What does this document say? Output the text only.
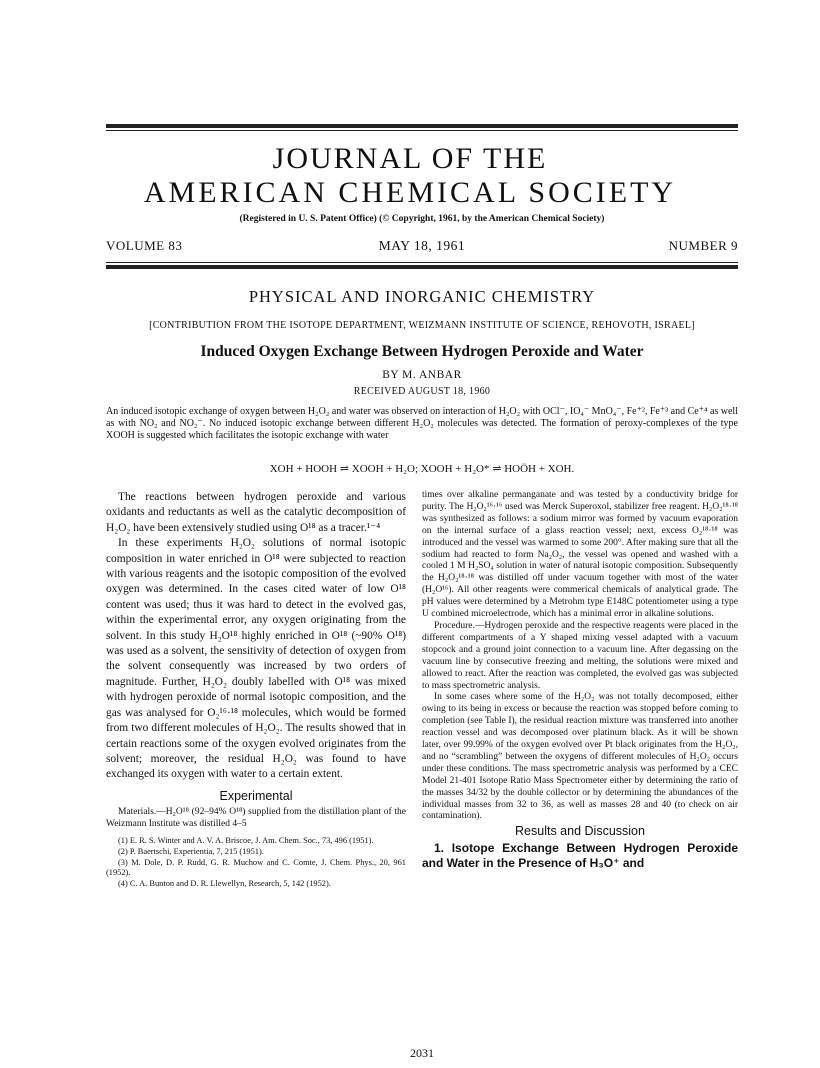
JOURNAL OF THE
AMERICAN CHEMICAL SOCIETY
(Registered in U. S. Patent Office) (© Copyright, 1961, by the American Chemical Society)
VOLUME 83	MAY 18, 1961	NUMBER 9
PHYSICAL AND INORGANIC CHEMISTRY
[CONTRIBUTION FROM THE ISOTOPE DEPARTMENT, WEIZMANN INSTITUTE OF SCIENCE, REHOVOTH, ISRAEL]
Induced Oxygen Exchange Between Hydrogen Peroxide and Water
BY M. ANBAR
RECEIVED AUGUST 18, 1960
An induced isotopic exchange of oxygen between H₂O₂ and water was observed on interaction of H₂O₂ with OCl⁻, IO₄⁻ MnO₄⁻, Fe⁺², Fe⁺³ and Ce⁺⁴ as well as with NO₂ and NO₂⁻. No induced isotopic exchange between different H₂O₂ molecules was detected. The formation of peroxy-complexes of the type XOOH is suggested which facilitates the isotopic exchange with water
XOH + HOOH ⇌ XOOH + H₂O; XOOH + H₂O* ⇌ HOÖH + XOH.

The reactions between hydrogen peroxide and various oxidants and reductants as well as the catalytic decomposition of H₂O₂ have been extensively studied using O¹⁸ as a tracer.¹⁻⁴

In these experiments H₂O₂ solutions of normal isotopic composition in water enriched in O¹⁸ were subjected to reaction with various reagents and the isotopic composition of the evolved oxygen was determined. In the cases cited water of low O¹⁸ content was used; thus it was hard to detect in the evolved gas, within the experimental error, any oxygen originating from the solvent. In this study H₂O¹⁸ highly enriched in O¹⁸ (~90% O¹⁸) was used as a solvent, the sensitivity of detection of oxygen from the solvent consequently was increased by two orders of magnitude. Further, H₂O₂ doubly labelled with O¹⁸ was mixed with hydrogen peroxide of normal isotopic composition, and the gas was analysed for O₂¹⁶·¹⁸ molecules, which would be formed from two different molecules of H₂O₂. The results showed that in certain reactions some of the oxygen evolved originates from the solvent; moreover, the residual H₂O₂ was found to have exchanged its oxygen with water to a certain extent.

Experimental

Materials.—H₂O¹⁸ (92–94% O¹⁸) supplied from the distillation plant of the Weizmann Institute was distilled 4–5

(1) E. R. S. Winter and A. V. A. Briscoe, J. Am. Chem. Soc., 73, 496 (1951).

(2) P. Baertschi, Experientia, 7, 215 (1951).

(3) M. Dole, D. P. Rudd, G. R. Muchow and C. Comte, J. Chem. Phys., 20, 961 (1952).

(4) C. A. Bunton and D. R. Llewellyn, Research, 5, 142 (1952).

times over alkaline permanganate and was tested by a conductivity bridge for purity. The H₂O₂¹⁶·¹⁶ used was Merck Superoxol, stabilizer free reagent. H₂O₂¹⁸·¹⁸ was synthesized as follows: a sodium mirror was formed by vacuum evaporation on the internal surface of a glass reaction vessel; next, excess O₂¹⁸·¹⁸ was introduced and the vessel was warmed to some 200°. After making sure that all the sodium had reacted to form Na₂O₂, the vessel was opened and washed with a cooled 1 M H₂SO₄ solution in water of natural isotopic composition. Subsequently the H₂O₂¹⁸·¹⁸ was distilled off under vacuum together with most of the water (H₂O¹⁶). All other reagents were commerical chemicals of analytical grade. The pH values were determined by a Metrohm type E148C potentiometer using a type U combined microelectrode, which has a minimal error in alkaline solutions.

Procedure.—Hydrogen peroxide and the respective reagents were placed in the different compartments of a Y shaped mixing vessel adapted with a vacuum stopcock and a ground joint connection to a vacuum line. After degassing on the vacuum line by consecutive freezing and melting, the solutions were mixed and allowed to react. After the reaction was completed, the evolved gas was subjected to mass spectrometric analysis.

In some cases where some of the H₂O₂ was not totally decomposed, either owing to its being in excess or because the reaction was stopped before coming to completion (see Table I), the residual reaction mixture was transferred into another reaction vessel and was decomposed over platinum black. As it will be shown later, over 99.99% of the oxygen evolved over Pt black originates from the H₂O₂, and no “scrambling” between the oxygens of different molecules of H₂O₂ occurs under these conditions. The mass spectrometric analysis was performed by a CEC Model 21-401 Isotope Ratio Mass Spectrometer either by determining the ratio of the masses 34/32 by the double collector or by determining the abundances of the individual masses from 32 to 36, as well as masses 28 and 40 (to check on air contamination).

Results and Discussion

1. Isotope Exchange Between Hydrogen Peroxide and Water in the Presence of H₃O⁺ and

2031
